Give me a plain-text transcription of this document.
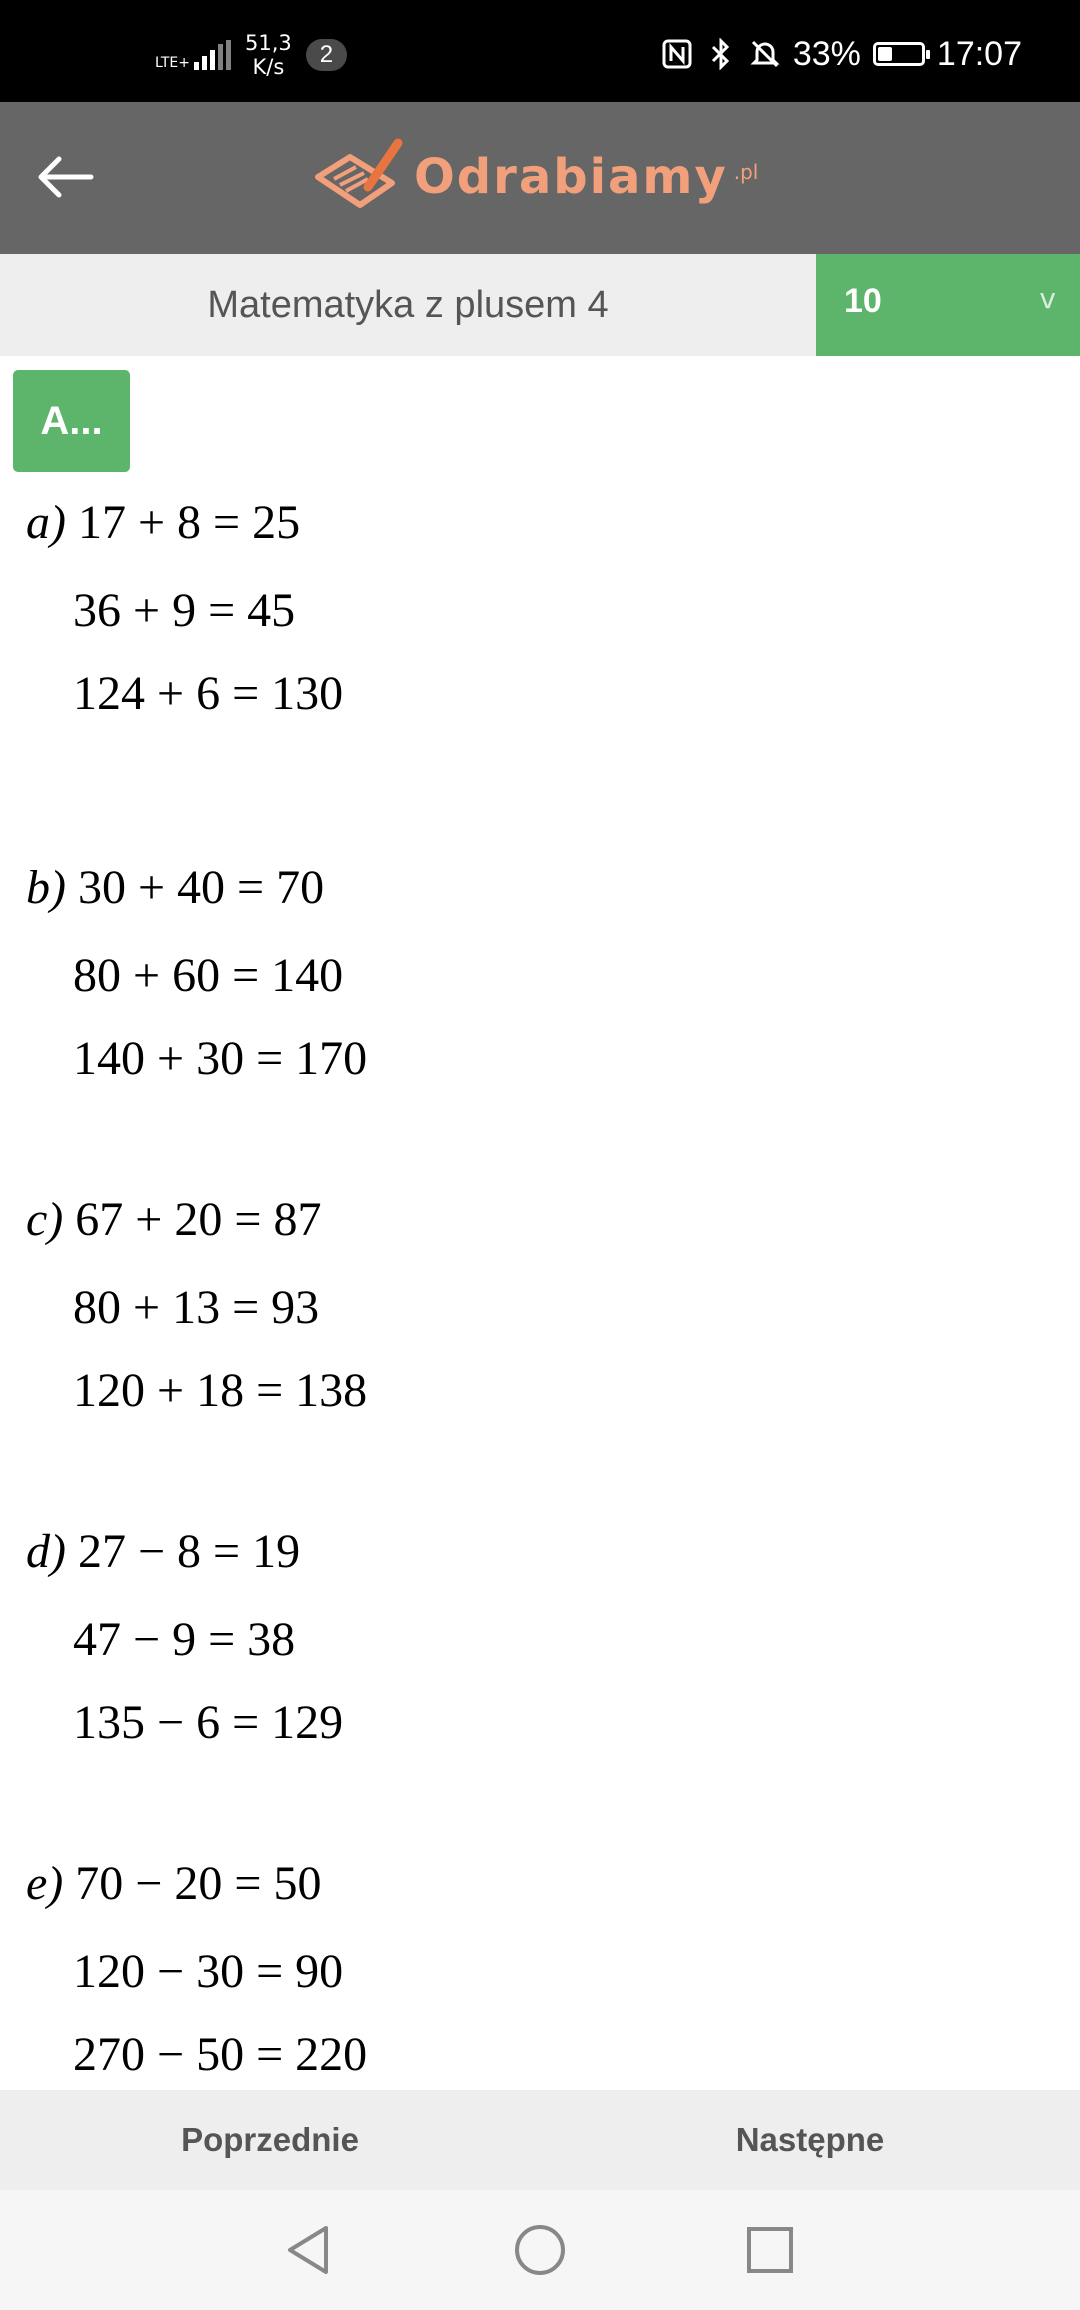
LTE+
51,3
K/s	2	33% 17:07
Odrabiamy .pl
Matematyka z plusem 4	10	v
A...
a) 17 + 8 = 25
36 + 9 = 45
124 + 6 = 130
b) 30 + 40 = 70
80 + 60 = 140
140 + 30 = 170
c) 67 + 20 = 87
80 + 13 = 93
120 + 18 = 138
d) 27 − 8 = 19
47 − 9 = 38
135 − 6 = 129
e) 70 − 20 = 50
120 − 30 = 90
270 − 50 = 220
Poprzednie	Następne
